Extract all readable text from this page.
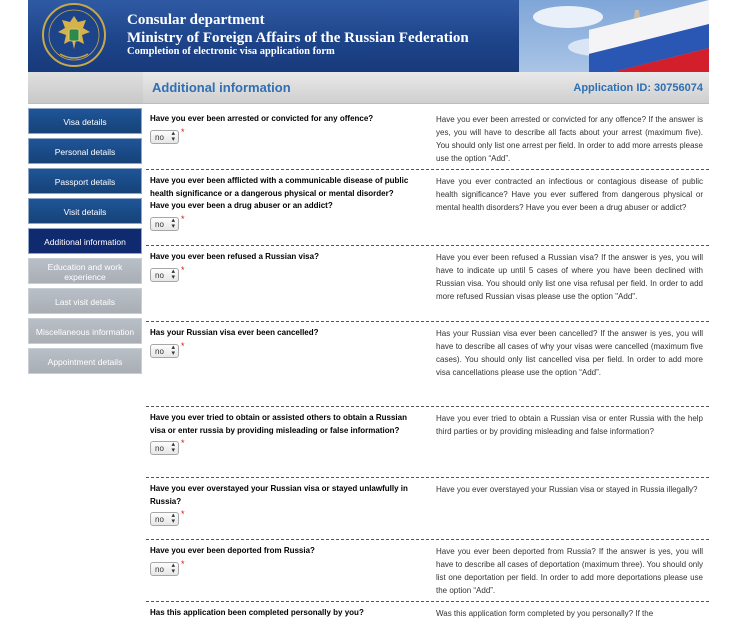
Consular department
Ministry of Foreign Affairs of the Russian Federation
Completion of electronic visa application form
Additional information	Application ID: 30756074
Visa details
Personal details
Passport details
Visit details
Additional information
Education and work experience
Last visit details
Miscellaneous information
Appointment details
Have you ever been arrested or convicted for any offence?
no ▴
▾
*
Have you ever been arrested or convicted for any offence? If the answer is yes, you will have to describe all facts about your arrest (maximum five). You should only list one arrest per field. In order to add more arrests please use the option “Add”.
Have you ever been afflicted with a communicable disease of public health significance or a dangerous physical or mental disorder? Have you ever been a drug abuser or an addict?
no ▴
▾
*
Have you ever contracted an infectious or contagious disease of public health significance? Have you ever suffered from dangerous physical or mental health disorders? Have you ever been a drug abuser or addict?
Have you ever been refused a Russian visa?
no ▴
▾
*
Have you ever been refused a Russian visa? If the answer is yes, you will have to indicate up until 5 cases of where you have been declined with Russian visa. You should only list one visa refusal per field. In order to add more refused Russian visas please use the option "Add".
Has your Russian visa ever been cancelled?
no ▴
▾
*
Has your Russian visa ever been cancelled? If the answer is yes, you will have to describe all cases of why your visas were cancelled (maximum five cases). You should only list cancelled visa per field. In order to add more visa cancellations please use the option “Add”.
Have you ever tried to obtain or assisted others to obtain a Russian visa or enter russia by providing misleading or false information?
no ▴
▾
*
Have you ever tried to obtain a Russian visa or enter Russia with the help third parties or by providing misleading and false information?
Have you ever overstayed your Russian visa or stayed unlawfully in Russia?
no ▴
▾
*
Have you ever overstayed your Russian visa or stayed in Russia illegally?
Have you ever been deported from Russia?
no ▴
▾
*
Have you ever been deported from Russia? If the answer is yes, you will have to describe all cases of deportation (maximum three). You should only list one deportation per field. In order to add more deportations please use the option “Add”.
Has this application been completed personally by you?	Was this application form completed by you personally? If the
